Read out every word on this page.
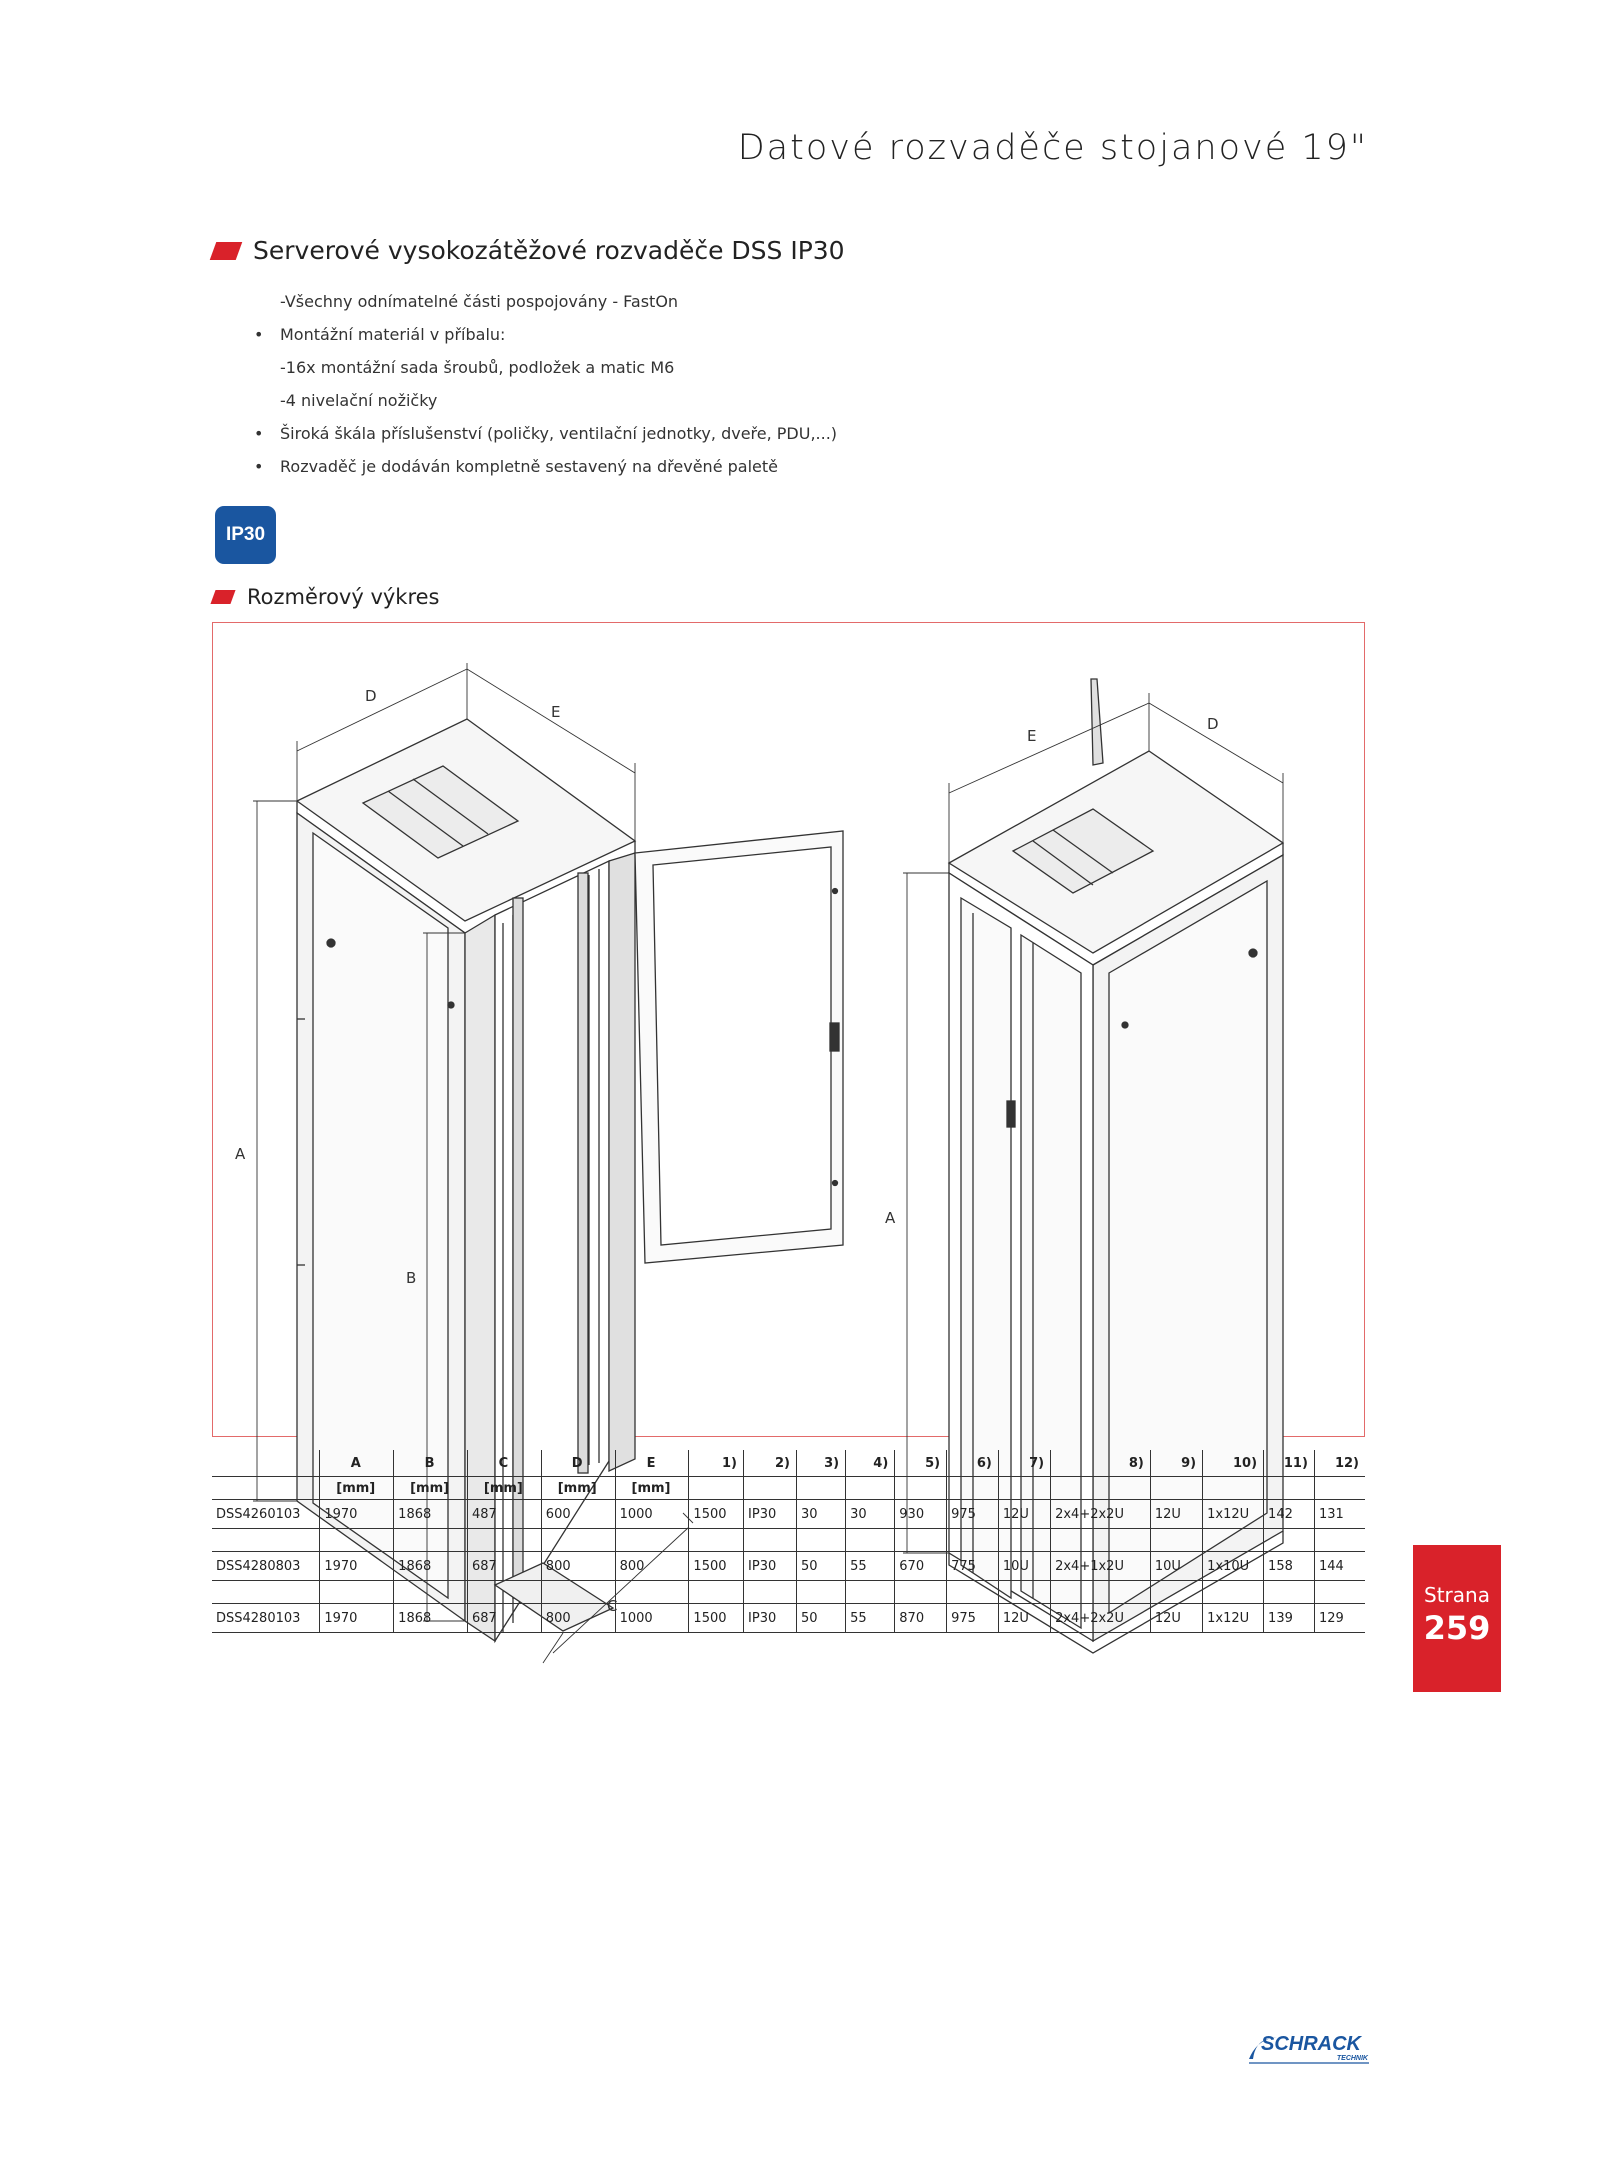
Datové rozvaděče stojanové 19"
Serverové vysokozátěžové rozvaděče DSS IP30
-Všechny odnímatelné části pospojovány - FastOn
• Montážní materiál v příbalu:
-16x montážní sada šroubů, podložek a matic M6
-4 nivelační nožičky
• Široká škála příslušenství (poličky, ventilační jednotky, dveře, PDU,...)
• Rozvaděč je dodáván kompletně sestavený na dřevěné paletě
IP30
Rozměrový výkres
D
E
A
B
C
E
D
A
	A	B	C	D	E	1)	2)	3)	4)	5)	6)	7)	8)	9)	10)	11)	12)
	[mm]	[mm]	[mm]	[mm]	[mm]												
DSS4260103	1970	1868	487	600	1000	1500	IP30	30	30	930	975	12U	2x4+2x2U	12U	1x12U	142	131

DSS4280803	1970	1868	687	800	800	1500	IP30	50	55	670	775	10U	2x4+1x2U	10U	1x10U	158	144

DSS4280103	1970	1868	687	800	1000	1500	IP30	50	55	870	975	12U	2x4+2x2U	12U	1x12U	139	129
Strana
259
SCHRACK
TECHNIK
